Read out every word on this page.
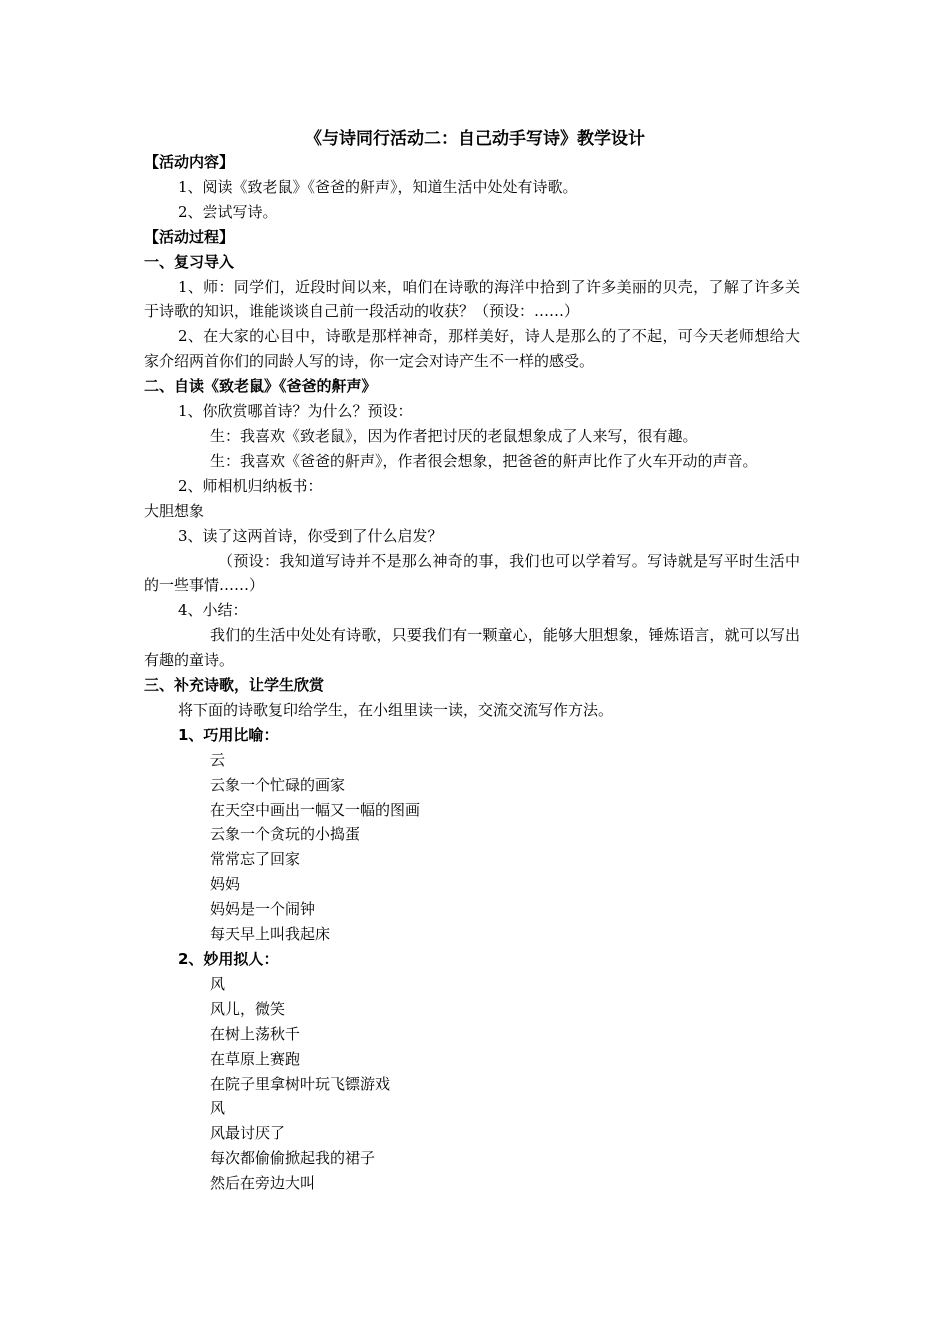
《与诗同行活动二：自己动手写诗》教学设计

【活动内容】

1、阅读《致老鼠》《爸爸的鼾声》，知道生活中处处有诗歌。

2、尝试写诗。

【活动过程】

一、复习导入

1、师：同学们，近段时间以来，咱们在诗歌的海洋中拾到了许多美丽的贝壳，了解了许多关于诗歌的知识，谁能谈谈自己前一段活动的收获？（预设：……）

2、在大家的心目中，诗歌是那样神奇，那样美好，诗人是那么的了不起，可今天老师想给大家介绍两首你们的同龄人写的诗，你一定会对诗产生不一样的感受。

二、自读《致老鼠》《爸爸的鼾声》

1、你欣赏哪首诗？为什么？预设：

生：我喜欢《致老鼠》，因为作者把讨厌的老鼠想象成了人来写，很有趣。

生：我喜欢《爸爸的鼾声》，作者很会想象，把爸爸的鼾声比作了火车开动的声音。

2、师相机归纳板书：

大胆想象

3、读了这两首诗，你受到了什么启发？

（预设：我知道写诗并不是那么神奇的事，我们也可以学着写。写诗就是写平时生活中的一些事情……）

4、小结：

我们的生活中处处有诗歌，只要我们有一颗童心，能够大胆想象，锤炼语言，就可以写出有趣的童诗。

三、补充诗歌，让学生欣赏

将下面的诗歌复印给学生，在小组里读一读，交流交流写作方法。

1、巧用比喻：

云

云象一个忙碌的画家

在天空中画出一幅又一幅的图画

云象一个贪玩的小捣蛋

常常忘了回家

妈妈

妈妈是一个闹钟

每天早上叫我起床

2、妙用拟人：

风

风儿，微笑

在树上荡秋千

在草原上赛跑

在院子里拿树叶玩飞镖游戏

风

风最讨厌了

每次都偷偷掀起我的裙子

然后在旁边大叫
